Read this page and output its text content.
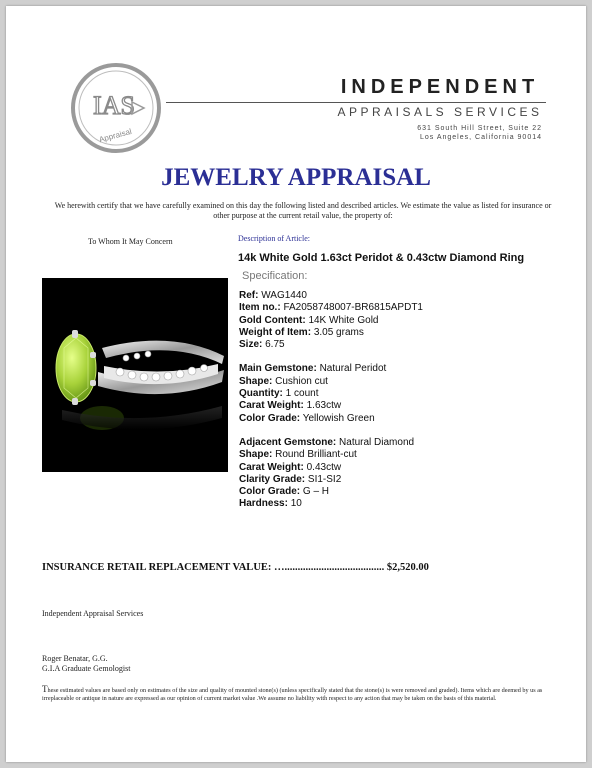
IAS
Appraisal
INDEPENDENT
APPRAISALS SERVICES
631 South Hill Street, Suite 22
Los Angeles, California 90014
JEWELRY APPRAISAL
We herewith certify that we have carefully examined on this day the following listed and described articles. We estimate the value as listed for insurance or other purpose at the current retail value, the property of:
To Whom It May Concern	Description of Article:
14k White Gold 1.63ct Peridot & 0.43ctw Diamond Ring
Specification:
Ref: WAG1440
Item no.: FA2058748007-BR6815APDT1
Gold Content: 14K White Gold
Weight of Item: 3.05 grams
Size: 6.75
Main Gemstone: Natural Peridot
Shape: Cushion cut
Quantity: 1 count
Carat Weight: 1.63ctw
Color Grade: Yellowish Green
Adjacent Gemstone: Natural Diamond
Shape: Round Brilliant-cut
Carat Weight: 0.43ctw
Clarity Grade: SI1-SI2
Color Grade: G – H
Hardness: 10
INSURANCE RETAIL REPLACEMENT VALUE: …...................................... $2,520.00
Independent Appraisal Services
Roger Benatar, G.G.
G.I.A Graduate Gemologist
These estimated values are based only on estimates of the size and quality of mounted stone(s) (unless specifically stated that the stone(s) is were removed and graded). Items which are deemed by us as irreplaceable or antique in nature are expressed as our opinion of current market value .We assume no liability with respect to any action that may be taken on the basis of this material.
